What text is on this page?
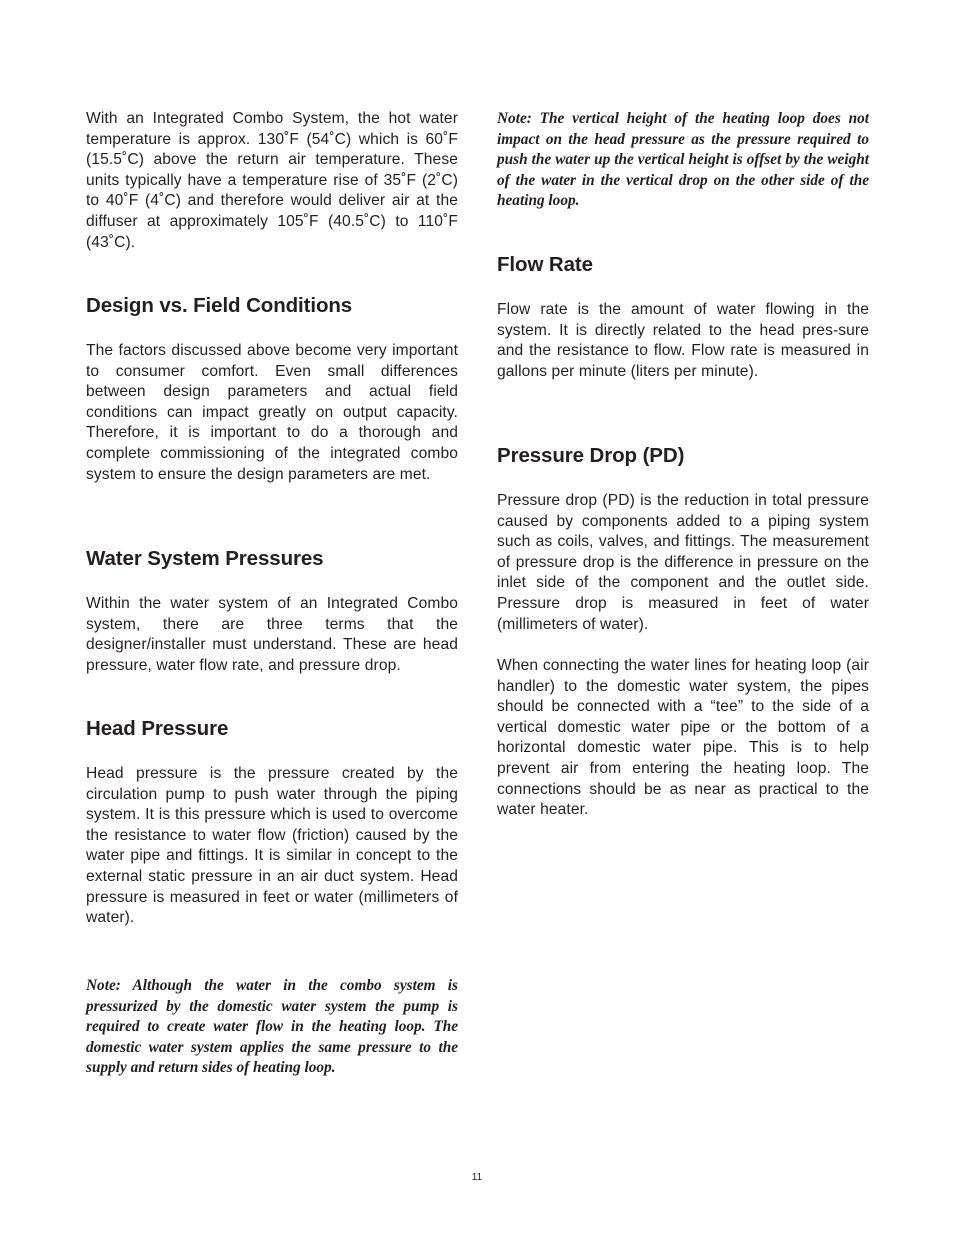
With an Integrated Combo System, the hot water temperature is approx. 130˚F (54˚C) which is 60˚F (15.5˚C) above the return air temperature. These units typically have a temperature rise of 35˚F (2˚C) to 40˚F (4˚C) and therefore would deliver air at the diffuser at approximately 105˚F (40.5˚C) to 110˚F (43˚C).

Design vs. Field Conditions

The factors discussed above become very important to consumer comfort. Even small differences between design parameters and actual field conditions can impact greatly on output capacity. Therefore, it is important to do a thorough and complete commissioning of the integrated combo system to ensure the design parameters are met.

Water System Pressures

Within the water system of an Integrated Combo system, there are three terms that the designer/installer must understand. These are head pressure, water flow rate, and pressure drop.

Head Pressure

Head pressure is the pressure created by the circulation pump to push water through the piping system. It is this pressure which is used to overcome the resistance to water flow (friction) caused by the water pipe and fittings. It is similar in concept to the external static pressure in an air duct system. Head pressure is measured in feet or water (millimeters of water).

Note: Although the water in the combo system is pressurized by the domestic water system the pump is required to create water flow in the heating loop. The domestic water system applies the same pressure to the supply and return sides of heating loop.

Note: The vertical height of the heating loop does not impact on the head pressure as the pressure required to push the water up the vertical height is offset by the weight of the water in the vertical drop on the other side of the heating loop.

Flow Rate

Flow rate is the amount of water flowing in the system. It is directly related to the head pres-sure and the resistance to flow. Flow rate is measured in gallons per minute (liters per minute).

Pressure Drop (PD)

Pressure drop (PD) is the reduction in total pressure caused by components added to a piping system such as coils, valves, and fittings. The measurement of pressure drop is the difference in pressure on the inlet side of the component and the outlet side. Pressure drop is measured in feet of water (millimeters of water).

When connecting the water lines for heating loop (air handler) to the domestic water system, the pipes should be connected with a “tee” to the side of a vertical domestic water pipe or the bottom of a horizontal domestic water pipe. This is to help prevent air from entering the heating loop. The connections should be as near as practical to the water heater.

11
